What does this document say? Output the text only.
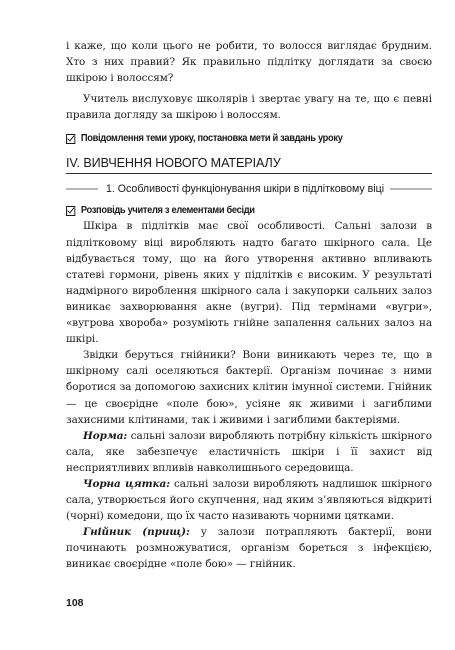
і каже, що коли цього не робити, то волосся виглядає брудним. Хто з них правий? Як правильно підлітку доглядати за своєю шкірою і волоссям?

Учитель вислуховує школярів і звертає увагу на те, що є певні правила догляду за шкірою і волоссям.

Повідомлення теми уроку, постановка мети й завдань уроку
IV. ВИВЧЕННЯ НОВОГО МАТЕРІАЛУ
1. Особливості функціонування шкіри в підлітковому віці
Розповідь учителя з елементами бесіди

Шкіра в підлітків має свої особливості. Сальні залози в підлітковому віці виробляють надто багато шкірного сала. Це відбувається тому, що на його утворення активно впливають статеві гормони, рівень яких у підлітків є високим. У результаті надмірного вироблення шкірного сала і закупорки сальних залоз виникає захворювання акне (вугри). Під термінами «вугри», «вугрова хвороба» розуміють гнійне запалення сальних залоз на шкірі.

Звідки беруться гнійники? Вони виникають через те, що в шкірному салі оселяються бактерії. Організм починає з ними боротися за допомогою захисних клітин імунної системи. Гнійник — це своєрідне «поле бою», усіяне як живими і загиблими захисними клітинами, так і живими і загиблими бактеріями.

Норма: сальні залози виробляють потрібну кількість шкірного сала, яке забезпечує еластичність шкіри і її захист від несприятливих впливів навколишнього середовища.

Чорна цятка: сальні залози виробляють надлишок шкірного сала, утворюється його скупчення, над яким з’являються відкриті (чорні) комедони, що їх часто називають чорними цятками.

Гнійник (прищ): у залози потрапляють бактерії, вони починають розмножуватися, організм бореться з інфекцією, виникає своєрідне «поле бою» — гнійник.

108
